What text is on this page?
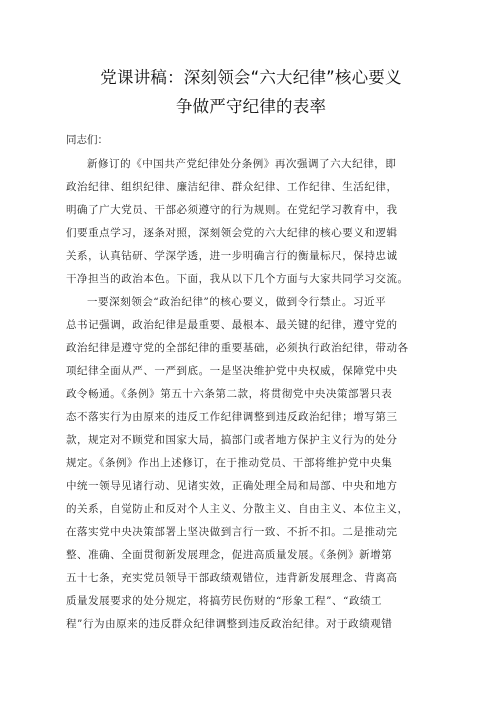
党课讲稿：深刻领会“六大纪律”核心要义
争做严守纪律的表率
同志们：

新修订的《中国共产党纪律处分条例》再次强调了六大纪律，即

政治纪律、组织纪律、廉洁纪律、群众纪律、工作纪律、生活纪律，

明确了广大党员、干部必须遵守的行为规则。在党纪学习教育中，我

们要重点学习，逐条对照，深刻领会党的六大纪律的核心要义和逻辑

关系，认真钻研、学深学透，进一步明确言行的衡量标尺，保持忠诚

干净担当的政治本色。下面，我从以下几个方面与大家共同学习交流。

一要深刻领会“政治纪律”的核心要义，做到令行禁止。习近平

总书记强调，政治纪律是最重要、最根本、最关键的纪律，遵守党的

政治纪律是遵守党的全部纪律的重要基础，必须执行政治纪律，带动各

项纪律全面从严、一严到底。一是坚决维护党中央权威，保障党中央

政令畅通。《条例》第五十六条第二款，将贯彻党中央决策部署只表

态不落实行为由原来的违反工作纪律调整到违反政治纪律；增写第三

款，规定对不顾党和国家大局，搞部门或者地方保护主义行为的处分

规定。《条例》作出上述修订，在于推动党员、干部将维护党中央集

中统一领导见诸行动、见诸实效，正确处理全局和局部、中央和地方

的关系，自觉防止和反对个人主义、分散主义、自由主义、本位主义，

在落实党中央决策部署上坚决做到言行一致、不折不扣。二是推动完

整、准确、全面贯彻新发展理念，促进高质量发展。《条例》新增第

五十七条，充实党员领导干部政绩观错位，违背新发展理念、背离高

质量发展要求的处分规定，将搞劳民伤财的“形象工程”、“政绩工

程”行为由原来的违反群众纪律调整到违反政治纪律。对于政绩观错
